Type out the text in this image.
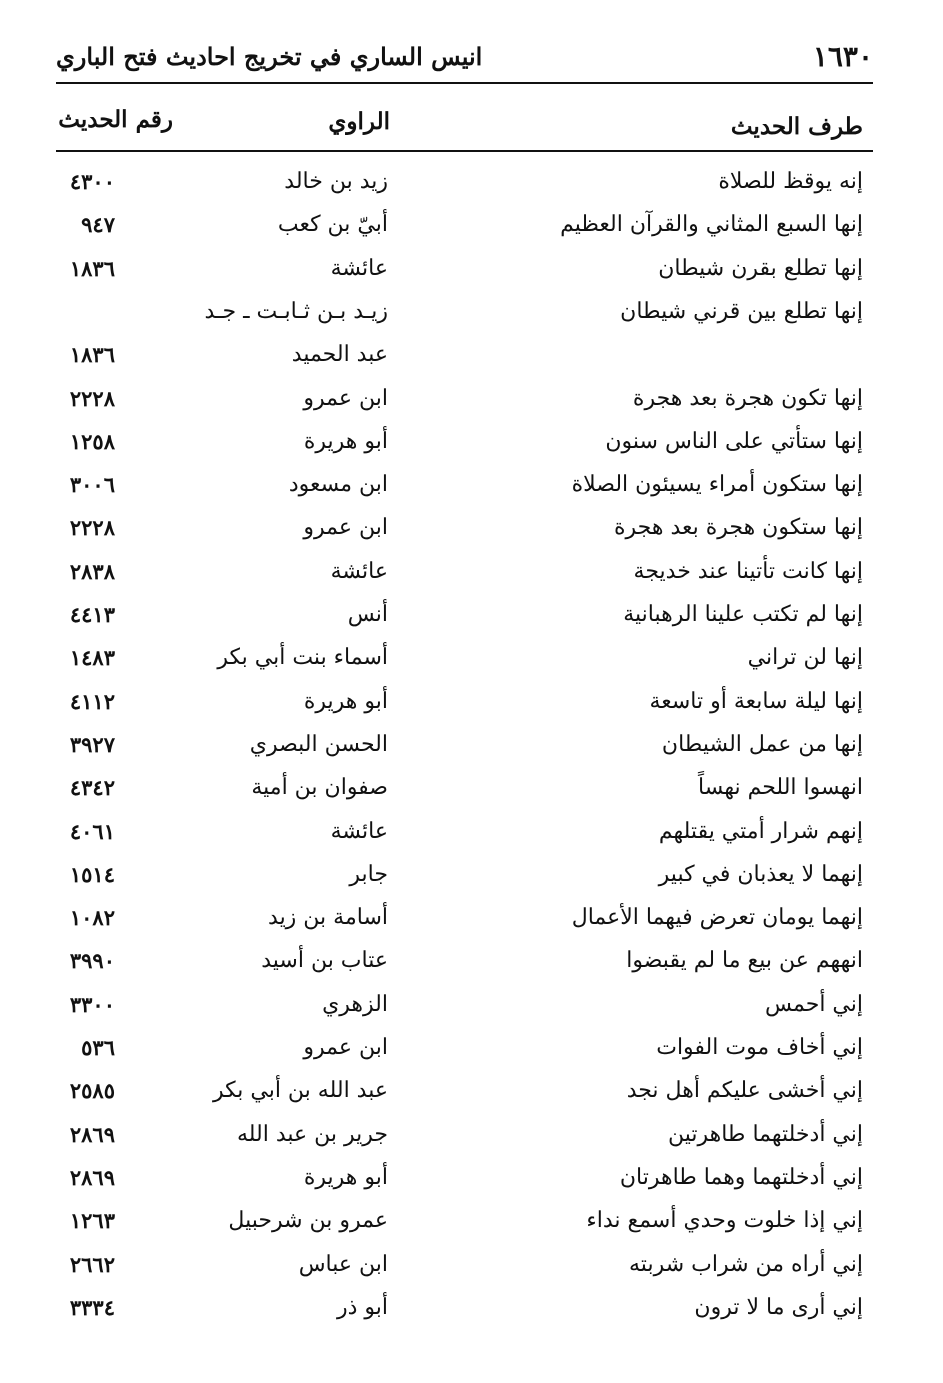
انيس الساري في تخريج احاديث فتح الباري	١٦٣٠
طرف الحديث
الراوي
رقم الحديث
إنه يوقظ للصلاة
زيد بن خالد
٤٣٠٠
إنها السبع المثاني والقرآن العظيم
أبيّ بن كعب
٩٤٧
إنها تطلع بقرن شيطان
عائشة
١٨٣٦
إنها تطلع بين قرني شيطان
زيـد بـن ثـابـت ـ جـد
عبد الحميد
١٨٣٦
إنها تكون هجرة بعد هجرة
ابن عمرو
٢٢٢٨
إنها ستأتي على الناس سنون
أبو هريرة
١٢٥٨
إنها ستكون أمراء يسيئون الصلاة
ابن مسعود
٣٠٠٦
إنها ستكون هجرة بعد هجرة
ابن عمرو
٢٢٢٨
إنها كانت تأتينا عند خديجة
عائشة
٢٨٣٨
إنها لم تكتب علينا الرهبانية
أنس
٤٤١٣
إنها لن تراني
أسماء بنت أبي بكر
١٤٨٣
إنها ليلة سابعة أو تاسعة
أبو هريرة
٤١١٢
إنها من عمل الشيطان
الحسن البصري
٣٩٢٧
انهسوا اللحم نهساً
صفوان بن أمية
٤٣٤٢
إنهم شرار أمتي يقتلهم
عائشة
٤٠٦١
إنهما لا يعذبان في كبير
جابر
١٥١٤
إنهما يومان تعرض فيهما الأعمال
أسامة بن زيد
١٠٨٢
انههم عن بيع ما لم يقبضوا
عتاب بن أسيد
٣٩٩٠
إني أحمس
الزهري
٣٣٠٠
إني أخاف موت الفوات
ابن عمرو
٥٣٦
إني أخشى عليكم أهل نجد
عبد الله بن أبي بكر
٢٥٨٥
إني أدخلتهما طاهرتين
جرير بن عبد الله
٢٨٦٩
إني أدخلتهما وهما طاهرتان
أبو هريرة
٢٨٦٩
إني إذا خلوت وحدي أسمع نداء
عمرو بن شرحبيل
١٢٦٣
إني أراه من شراب شربته
ابن عباس
٢٦٦٢
إني أرى ما لا ترون
أبو ذر
٣٣٣٤
